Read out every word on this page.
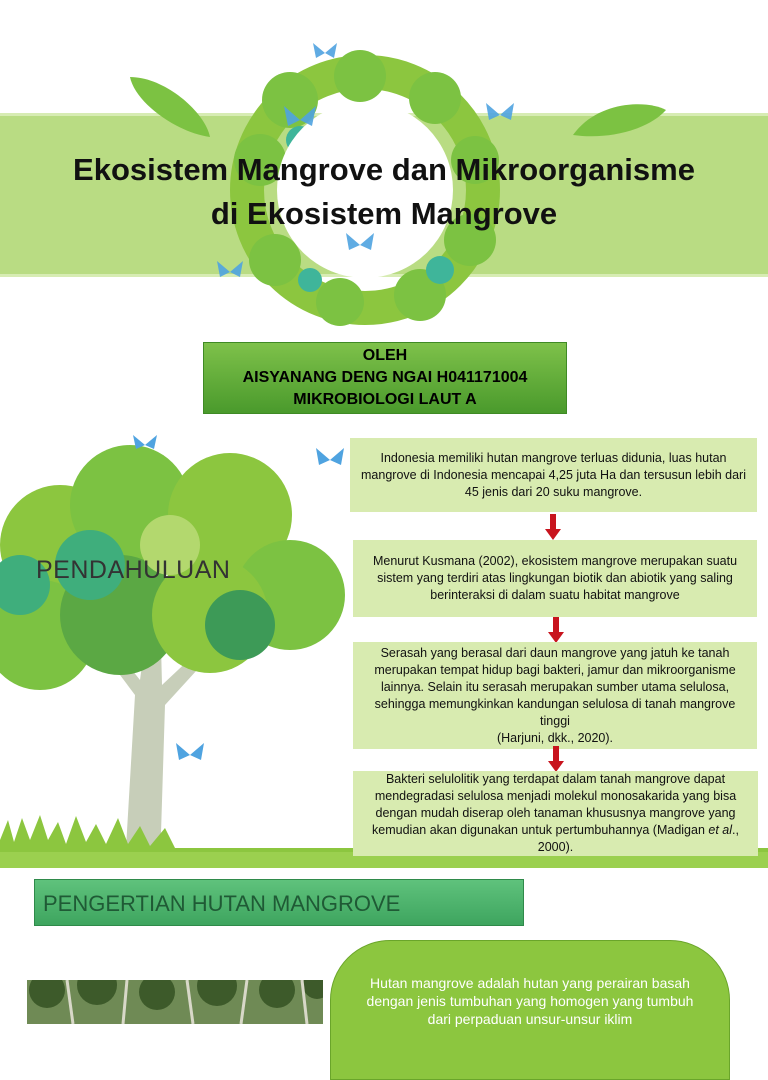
Ekosistem Mangrove dan Mikroorganisme
di Ekosistem Mangrove
OLEH
AISYANANG DENG NGAI H041171004
MIKROBIOLOGI LAUT A
PENDAHULUAN
Indonesia memiliki hutan mangrove terluas didunia, luas hutan mangrove di Indonesia mencapai 4,25 juta Ha dan tersusun lebih dari 45 jenis dari 20 suku mangrove.
Menurut Kusmana (2002), ekosistem mangrove merupakan suatu sistem yang terdiri atas lingkungan biotik dan abiotik yang saling berinteraksi di dalam suatu habitat mangrove
Serasah yang berasal dari daun mangrove yang jatuh ke tanah merupakan tempat hidup bagi bakteri, jamur dan mikroorganisme lainnya. Selain itu serasah merupakan sumber utama selulosa, sehingga memungkinkan kandungan selulosa di tanah mangrove tinggi
(Harjuni, dkk., 2020).
Bakteri selulolitik yang terdapat dalam tanah mangrove dapat mendegradasi selulosa menjadi molekul monosakarida yang bisa dengan mudah diserap oleh tanaman khususnya mangrove yang kemudian akan digunakan untuk pertumbuhannya (Madigan et al., 2000).
PENGERTIAN HUTAN MANGROVE
Hutan mangrove adalah hutan yang perairan basah dengan jenis tumbuhan yang homogen yang tumbuh dari perpaduan unsur-unsur iklim
